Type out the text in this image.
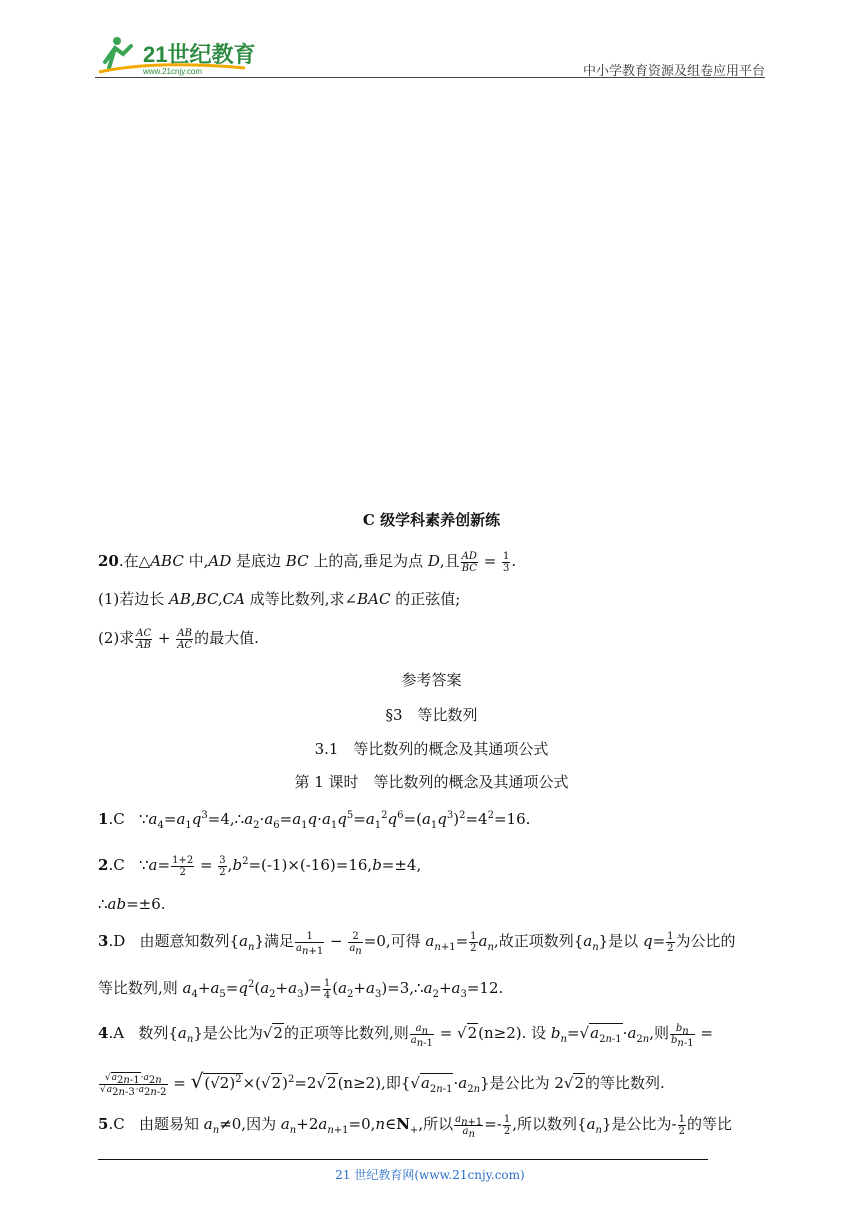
21世纪教育
www.21cnjy.com	中小学教育资源及组卷应用平台
C 级学科素养创新练
20.在△ABC 中,AD 是底边 BC 上的高,垂足为点 D,且 $\frac{AD}{BC} = \frac{1}{3}$ .
(1)若边长 AB,BC,CA 成等比数列,求∠BAC 的正弦值;
(2)求 $\frac{AC}{AB} + \frac{AB}{AC}$ 的最大值.
参考答案
§3　等比数列
3.1　等比数列的概念及其通项公式
第 1 课时　等比数列的概念及其通项公式
1.C   $\because a_4=a_1q^3=4,\therefore a_2\cdot a_6=a_1q\cdot a_1q^5=a_1^2q^6=(a_1q^3)^2=4^2=16$.
2.C   ∵a= $\frac{1+2}{2} = \frac{3}{2} ,b^2=(-1)\times(-16)=16,b=\pm 4$,
∴ab=±6.
3.D 由题意知数列$\{a_n\}$满足 $\frac{1}{a_{n+1}} - \frac{2}{a_n} =0$,可得 $a_{n+1}= \frac{1}{2} a_n$,故正项数列$\{a_n\}$是以 $q= \frac{1}{2}$ 为公比的
等比数列,则 $a_4+a_5=q^2(a_2+a_3)= \frac{1}{4}$ $(a_2+a_3)=3,\therefore a_2+a_3=12$.
4.A 数列$\{a_n\}$是公比为√2的正项等比数列,则 $\frac{a_n}{a_{n-1}} = √2(n\ge 2)$. 设 $b_n=√a_{2n-1}\cdot a_{2n}$,则 $\frac{b_n}{b_{n-1}}$ =
$\frac{√a_{2n-1}\cdot a_{2n}}{√a_{2n-3}\cdot a_{2n-2}} = √(√2)^2\times(√2)^2=2√2(n\ge 2)$,即$\{√a_{2n-1}\cdot a_{2n}\}$是公比为 2√2的等比数列.
5.C 由题易知 $a_n\ne 0$,因为 $a_n+2a_{n+1}=0,n\in N_+$,所以 $\frac{a_{n+1}}{a_n} =- \frac{1}{2}$ ,所以数列$\{a_n\}$是公比为- $\frac{1}{2}$ 的等比
21 世纪教育网(www.21cnjy.com)
